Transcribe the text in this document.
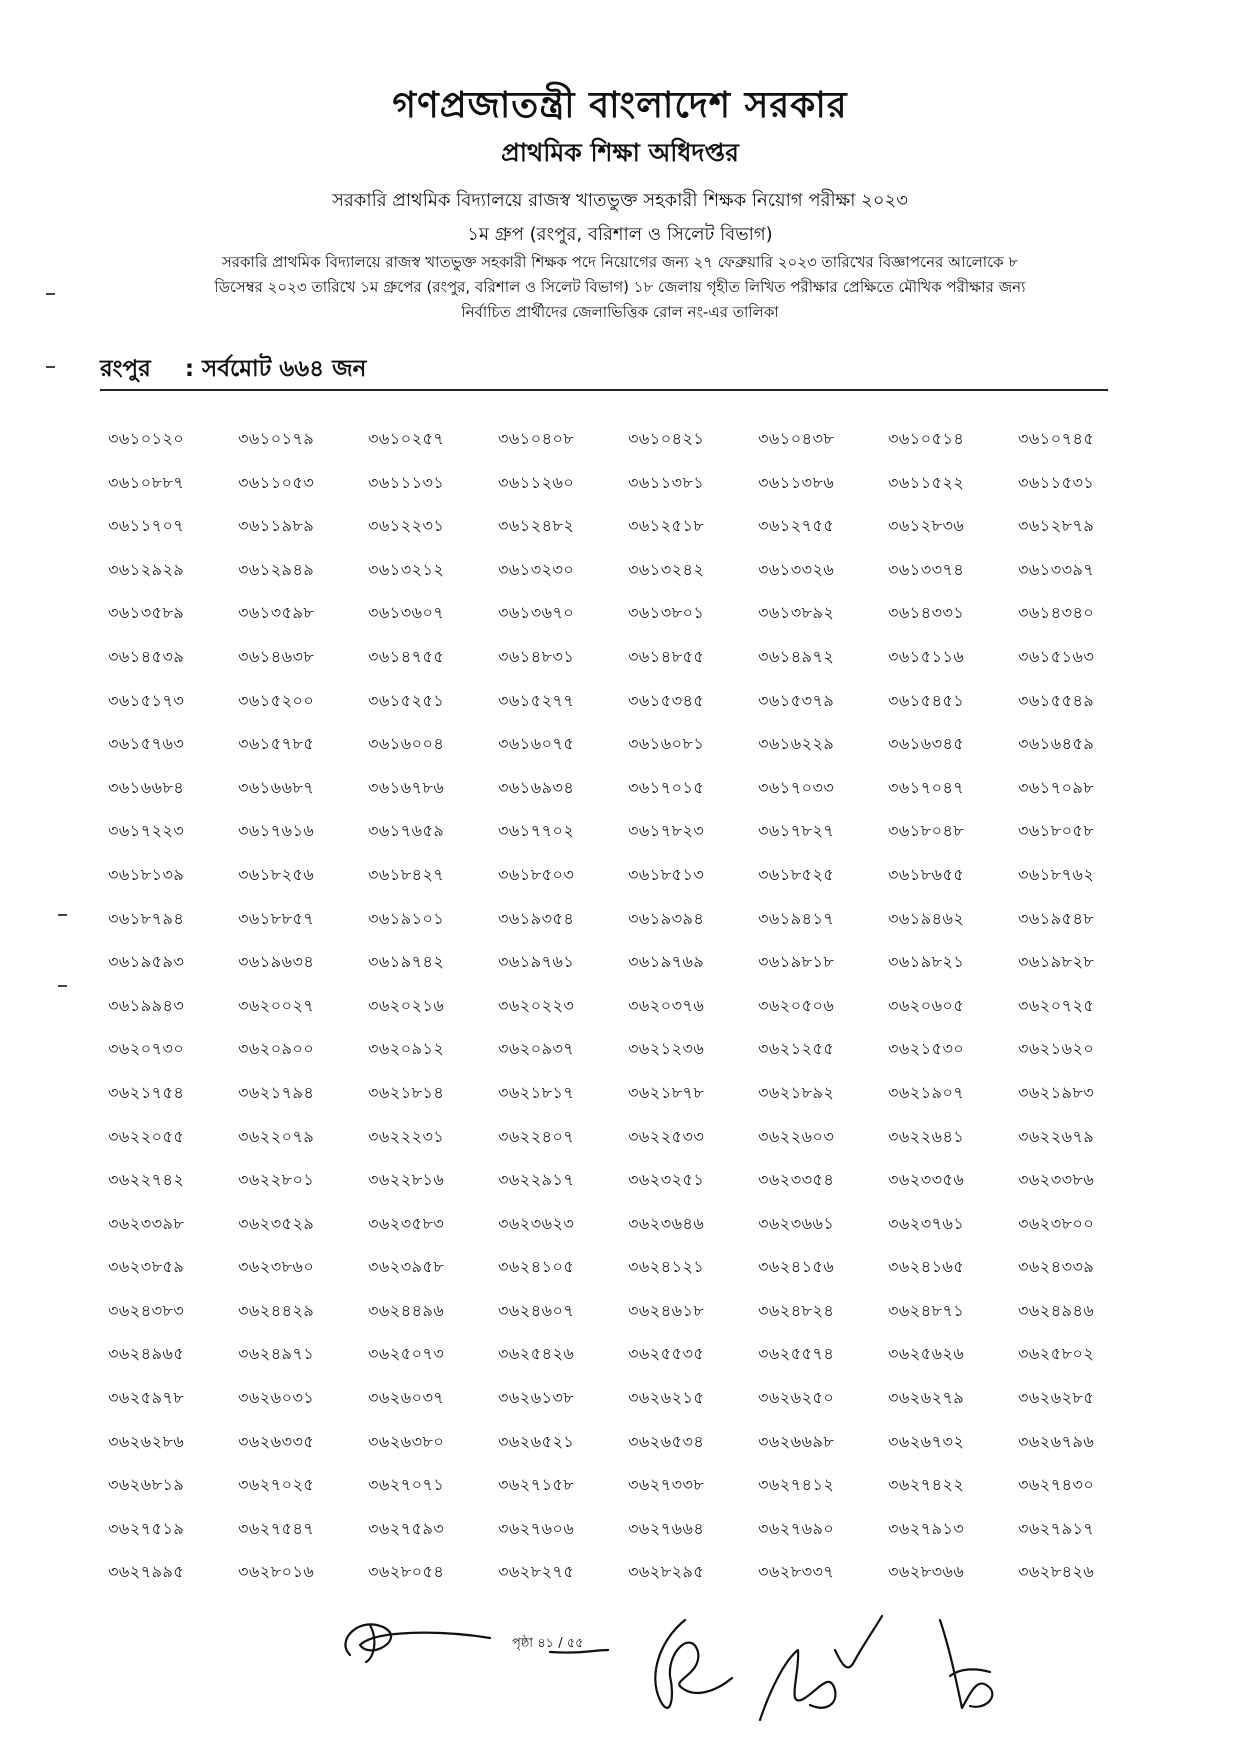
গণপ্রজাতন্ত্রী বাংলাদেশ সরকার
প্রাথমিক শিক্ষা অধিদপ্তর
সরকারি প্রাথমিক বিদ্যালয়ে রাজস্ব খাতভুক্ত সহকারী শিক্ষক নিয়োগ পরীক্ষা ২০২৩
১ম গ্রুপ (রংপুর, বরিশাল ও সিলেট বিভাগ)
সরকারি প্রাথমিক বিদ্যালয়ে রাজস্ব খাতভুক্ত সহকারী শিক্ষক পদে নিয়োগের জন্য ২৭ ফেব্রুয়ারি ২০২৩ তারিখের বিজ্ঞাপনের আলোকে ৮
ডিসেম্বর ২০২৩ তারিখে ১ম গ্রুপের (রংপুর, বরিশাল ও সিলেট বিভাগ) ১৮ জেলায় গৃহীত লিখিত পরীক্ষার প্রেক্ষিতে মৌখিক পরীক্ষার জন্য
নির্বাচিত প্রার্থীদের জেলাভিত্তিক রোল নং-এর তালিকা
রংপুর : সর্বমোট ৬৬৪ জন
৩৬১০১২০	৩৬১০১৭৯	৩৬১০২৫৭	৩৬১০৪০৮	৩৬১০৪২১	৩৬১০৪৩৮	৩৬১০৫১৪	৩৬১০৭৪৫
৩৬১০৮৮৭	৩৬১১০৫৩	৩৬১১১৩১	৩৬১১২৬০	৩৬১১৩৮১	৩৬১১৩৮৬	৩৬১১৫২২	৩৬১১৫৩১
৩৬১১৭০৭	৩৬১১৯৮৯	৩৬১২২৩১	৩৬১২৪৮২	৩৬১২৫১৮	৩৬১২৭৫৫	৩৬১২৮৩৬	৩৬১২৮৭৯
৩৬১২৯২৯	৩৬১২৯৪৯	৩৬১৩২১২	৩৬১৩২৩০	৩৬১৩২৪২	৩৬১৩৩২৬	৩৬১৩৩৭৪	৩৬১৩৩৯৭
৩৬১৩৫৮৯	৩৬১৩৫৯৮	৩৬১৩৬০৭	৩৬১৩৬৭০	৩৬১৩৮০১	৩৬১৩৮৯২	৩৬১৪৩৩১	৩৬১৪৩৪০
৩৬১৪৫৩৯	৩৬১৪৬৩৮	৩৬১৪৭৫৫	৩৬১৪৮৩১	৩৬১৪৮৫৫	৩৬১৪৯৭২	৩৬১৫১১৬	৩৬১৫১৬৩
৩৬১৫১৭৩	৩৬১৫২০০	৩৬১৫২৫১	৩৬১৫২৭৭	৩৬১৫৩৪৫	৩৬১৫৩৭৯	৩৬১৫৪৫১	৩৬১৫৫৪৯
৩৬১৫৭৬৩	৩৬১৫৭৮৫	৩৬১৬০০৪	৩৬১৬০৭৫	৩৬১৬০৮১	৩৬১৬২২৯	৩৬১৬৩৪৫	৩৬১৬৪৫৯
৩৬১৬৬৮৪	৩৬১৬৬৮৭	৩৬১৬৭৮৬	৩৬১৬৯৩৪	৩৬১৭০১৫	৩৬১৭০৩৩	৩৬১৭০৪৭	৩৬১৭০৯৮
৩৬১৭২২৩	৩৬১৭৬১৬	৩৬১৭৬৫৯	৩৬১৭৭০২	৩৬১৭৮২৩	৩৬১৭৮২৭	৩৬১৮০৪৮	৩৬১৮০৫৮
৩৬১৮১৩৯	৩৬১৮২৫৬	৩৬১৮৪২৭	৩৬১৮৫০৩	৩৬১৮৫১৩	৩৬১৮৫২৫	৩৬১৮৬৫৫	৩৬১৮৭৬২
৩৬১৮৭৯৪	৩৬১৮৮৫৭	৩৬১৯১০১	৩৬১৯৩৫৪	৩৬১৯৩৯৪	৩৬১৯৪১৭	৩৬১৯৪৬২	৩৬১৯৫৪৮
৩৬১৯৫৯৩	৩৬১৯৬৩৪	৩৬১৯৭৪২	৩৬১৯৭৬১	৩৬১৯৭৬৯	৩৬১৯৮১৮	৩৬১৯৮২১	৩৬১৯৮২৮
৩৬১৯৯৪৩	৩৬২০০২৭	৩৬২০২১৬	৩৬২০২২৩	৩৬২০৩৭৬	৩৬২০৫০৬	৩৬২০৬০৫	৩৬২০৭২৫
৩৬২০৭৩০	৩৬২০৯০০	৩৬২০৯১২	৩৬২০৯৩৭	৩৬২১২৩৬	৩৬২১২৫৫	৩৬২১৫৩০	৩৬২১৬২০
৩৬২১৭৫৪	৩৬২১৭৯৪	৩৬২১৮১৪	৩৬২১৮১৭	৩৬২১৮৭৮	৩৬২১৮৯২	৩৬২১৯০৭	৩৬২১৯৮৩
৩৬২২০৫৫	৩৬২২০৭৯	৩৬২২২৩১	৩৬২২৪০৭	৩৬২২৫৩৩	৩৬২২৬০৩	৩৬২২৬৪১	৩৬২২৬৭৯
৩৬২২৭৪২	৩৬২২৮০১	৩৬২২৮১৬	৩৬২২৯১৭	৩৬২৩২৫১	৩৬২৩৩৫৪	৩৬২৩৩৫৬	৩৬২৩৩৮৬
৩৬২৩৩৯৮	৩৬২৩৫২৯	৩৬২৩৫৮৩	৩৬২৩৬২৩	৩৬২৩৬৪৬	৩৬২৩৬৬১	৩৬২৩৭৬১	৩৬২৩৮০০
৩৬২৩৮৫৯	৩৬২৩৮৬০	৩৬২৩৯৫৮	৩৬২৪১০৫	৩৬২৪১২১	৩৬২৪১৫৬	৩৬২৪১৬৫	৩৬২৪৩৩৯
৩৬২৪৩৮৩	৩৬২৪৪২৯	৩৬২৪৪৯৬	৩৬২৪৬০৭	৩৬২৪৬১৮	৩৬২৪৮২৪	৩৬২৪৮৭১	৩৬২৪৯৪৬
৩৬২৪৯৬৫	৩৬২৪৯৭১	৩৬২৫০৭৩	৩৬২৫৪২৬	৩৬২৫৫৩৫	৩৬২৫৫৭৪	৩৬২৫৬২৬	৩৬২৫৮০২
৩৬২৫৯৭৮	৩৬২৬০৩১	৩৬২৬০৩৭	৩৬২৬১৩৮	৩৬২৬২১৫	৩৬২৬২৫০	৩৬২৬২৭৯	৩৬২৬২৮৫
৩৬২৬২৮৬	৩৬২৬৩৩৫	৩৬২৬৩৮০	৩৬২৬৫২১	৩৬২৬৫৩৪	৩৬২৬৬৯৮	৩৬২৬৭৩২	৩৬২৬৭৯৬
৩৬২৬৮১৯	৩৬২৭০২৫	৩৬২৭০৭১	৩৬২৭১৫৮	৩৬২৭৩৩৮	৩৬২৭৪১২	৩৬২৭৪২২	৩৬২৭৪৩০
৩৬২৭৫১৯	৩৬২৭৫৪৭	৩৬২৭৫৯৩	৩৬২৭৬০৬	৩৬২৭৬৬৪	৩৬২৭৬৯০	৩৬২৭৯১৩	৩৬২৭৯১৭
৩৬২৭৯৯৫	৩৬২৮০১৬	৩৬২৮০৫৪	৩৬২৮২৭৫	৩৬২৮২৯৫	৩৬২৮৩৩৭	৩৬২৮৩৬৬	৩৬২৮৪২৬
পৃষ্ঠা ৪১ / ৫৫
